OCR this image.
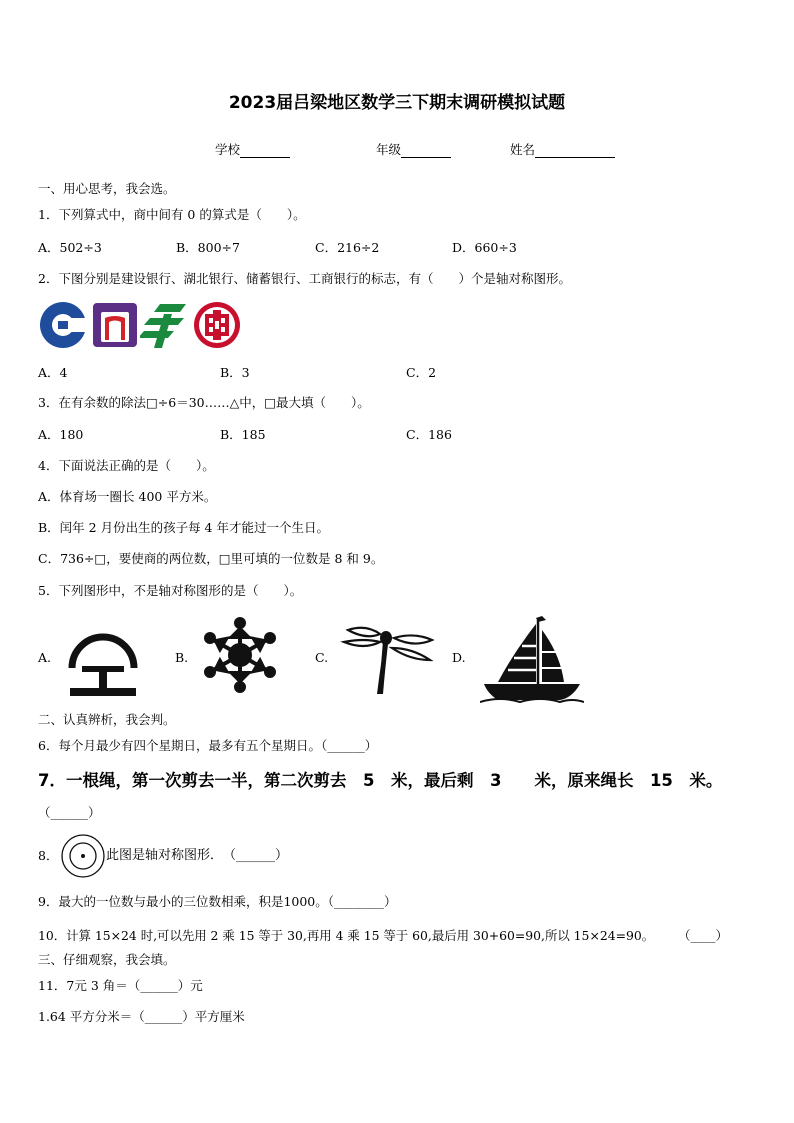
2023届吕梁地区数学三下期末调研模拟试题
学校	年级	姓名
一、用心思考，我会选。
1．下列算式中，商中间有 0 的算式是（　　）。
A．502÷3	B．800÷7	C．216÷2	D．660÷3
2．下图分别是建设银行、湖北银行、储蓄银行、工商银行的标志，有（　　）个是轴对称图形。
A．4	B．3	C．2
3．在有余数的除法□÷6＝30……△中，□最大填（　　）。
A．180	B．185	C．186
4．下面说法正确的是（　　）。
A．体育场一圈长 400 平方米。
B．闰年 2 月份出生的孩子每 4 年才能过一个生日。
C．736÷□，要使商的两位数，□里可填的一位数是 8 和 9。
5．下列图形中，不是轴对称图形的是（　　）。
A.	B.	C.	D.
二、认真辨析，我会判。
6．每个月最少有四个星期日，最多有五个星期日。（______）
7．一根绳，第一次剪去一半，第二次剪去　5　米，最后剩　3　　米，原来绳长　15　米。
（______）
8．	此图是轴对称图形．　（______）
9．最大的一位数与最小的三位数相乘，积是1000。（________）
10．计算 15×24 时,可以先用 2 乘 15 等于 30,再用 4 乘 15 等于 60,最后用 30+60=90,所以 15×24=90。 （____）
三、仔细观察，我会填。
11．7元 3 角＝（______）元
1.64 平方分米＝（______）平方厘米
